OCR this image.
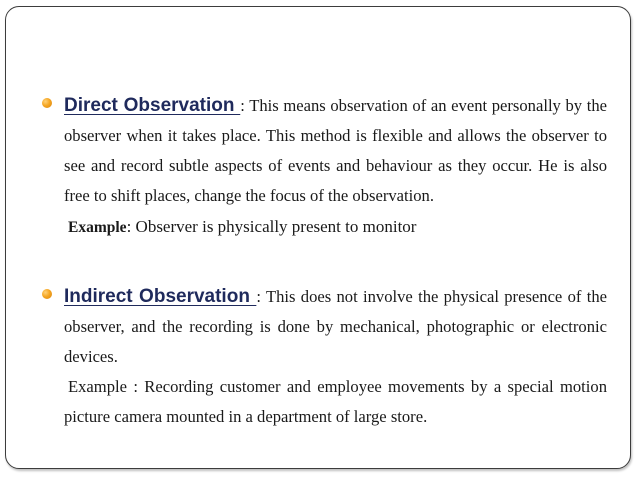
Direct Observation : This means observation of an event personally by the observer when it takes place. This method is flexible and allows the observer to see and record subtle aspects of events and behaviour as they occur. He is also free to shift places, change the focus of the observation.

Example: Observer is physically present to monitor

Indirect Observation : This does not involve the physical presence of the observer, and the recording is done by mechanical, photographic or electronic devices.

Example : Recording customer and employee movements by a special motion picture camera mounted in a department of large store.
